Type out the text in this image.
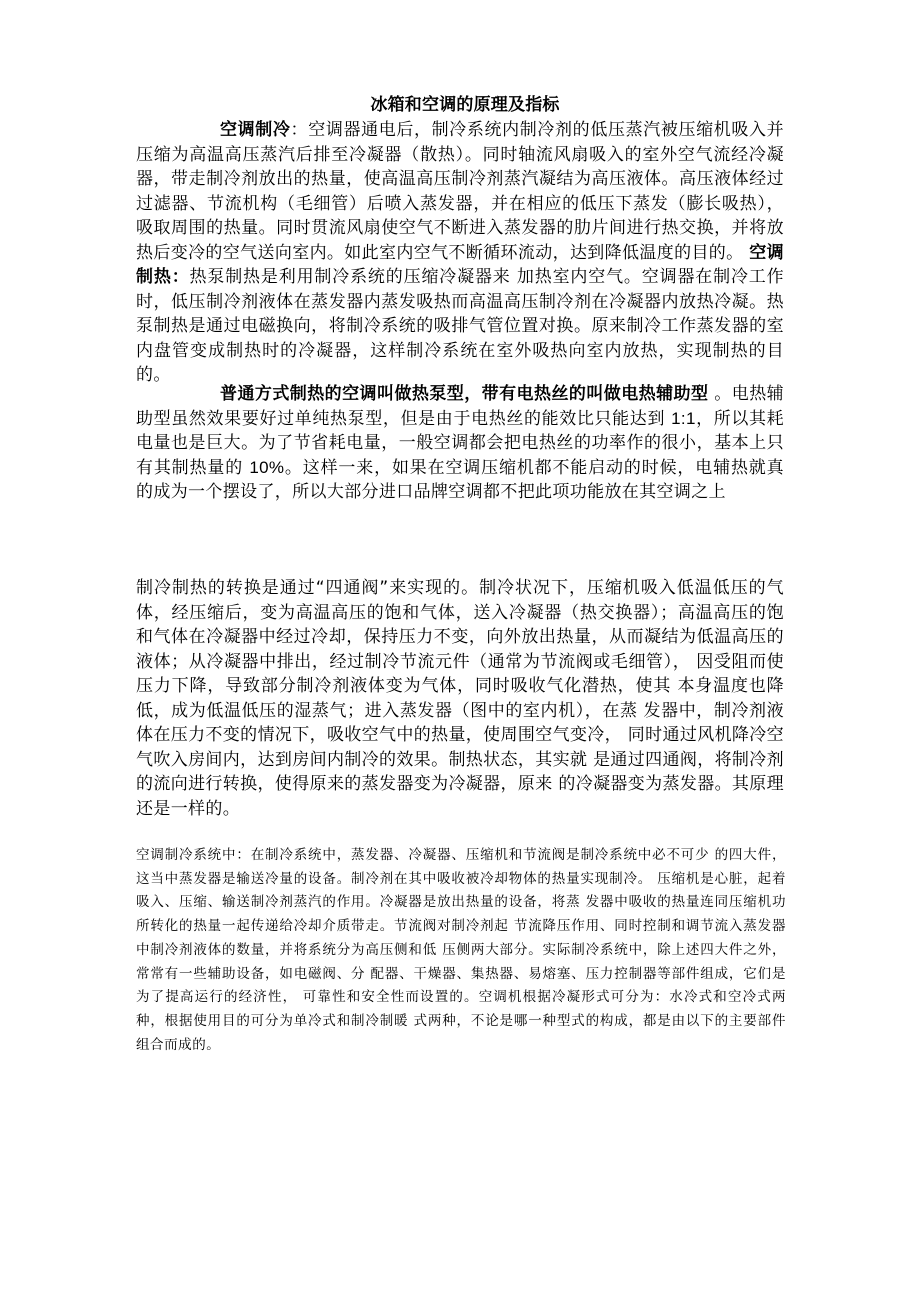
冰箱和空调的原理及指标
空调制冷：空调器通电后，制冷系统内制冷剂的低压蒸汽被压缩机吸入并压缩为高温高压蒸汽后排至冷凝器（散热）。同时轴流风扇吸入的室外空气流经冷凝器，带走制冷剂放出的热量，使高温高压制冷剂蒸汽凝结为高压液体。高压液体经过过滤器、节流机构（毛细管）后喷入蒸发器，并在相应的低压下蒸发（膨长吸热），吸取周围的热量。同时贯流风扇使空气不断进入蒸发器的肋片间进行热交换，并将放热后变冷的空气送向室内。如此室内空气不断循环流动，达到降低温度的目的。 空调制热：热泵制热是利用制冷系统的压缩冷凝器来 加热室内空气。空调器在制冷工作时，低压制冷剂液体在蒸发器内蒸发吸热而高温高压制冷剂在冷凝器内放热冷凝。热泵制热是通过电磁换向，将制冷系统的吸排气管位置对换。原来制冷工作蒸发器的室内盘管变成制热时的冷凝器，这样制冷系统在室外吸热向室内放热，实现制热的目的。
普通方式制热的空调叫做热泵型，带有电热丝的叫做电热辅助型 。电热辅助型虽然效果要好过单纯热泵型，但是由于电热丝的能效比只能达到 1:1，所以其耗电量也是巨大。为了节省耗电量，一般空调都会把电热丝的功率作的很小，基本上只有其制热量的 10%。这样一来，如果在空调压缩机都不能启动的时候，电辅热就真的成为一个摆设了，所以大部分进口品牌空调都不把此项功能放在其空调之上
制冷制热的转换是通过“四通阀”来实现的。制冷状况下，压缩机吸入低温低压的气体，经压缩后，变为高温高压的饱和气体，送入冷凝器（热交换器）；高温高压的饱和气体在冷凝器中经过冷却，保持压力不变，向外放出热量，从而凝结为低温高压的液体；从冷凝器中排出，经过制冷节流元件（通常为节流阀或毛细管）， 因受阻而使压力下降，导致部分制冷剂液体变为气体，同时吸收气化潜热，使其 本身温度也降低，成为低温低压的湿蒸气；进入蒸发器（图中的室内机），在蒸 发器中，制冷剂液体在压力不变的情况下，吸收空气中的热量，使周围空气变冷， 同时通过风机降冷空气吹入房间内，达到房间内制冷的效果。制热状态，其实就 是通过四通阀，将制冷剂的流向进行转换，使得原来的蒸发器变为冷凝器，原来 的冷凝器变为蒸发器。其原理还是一样的。
空调制冷系统中：在制冷系统中，蒸发器、冷凝器、压缩机和节流阀是制冷系统中必不可少 的四大件，这当中蒸发器是输送冷量的设备。制冷剂在其中吸收被冷却物体的热量实现制冷。 压缩机是心脏，起着吸入、压缩、输送制冷剂蒸汽的作用。冷凝器是放出热量的设备，将蒸 发器中吸收的热量连同压缩机功所转化的热量一起传递给冷却介质带走。节流阀对制冷剂起 节流降压作用、同时控制和调节流入蒸发器中制冷剂液体的数量，并将系统分为高压侧和低 压侧两大部分。实际制冷系统中，除上述四大件之外，常常有一些辅助设备，如电磁阀、分 配器、干燥器、集热器、易熔塞、压力控制器等部件组成，它们是为了提高运行的经济性， 可靠性和安全性而设置的。空调机根据冷凝形式可分为：水冷式和空冷式两种，根据使用目的可分为单冷式和制冷制暖 式两种，不论是哪一种型式的构成，都是由以下的主要部件组合而成的。
